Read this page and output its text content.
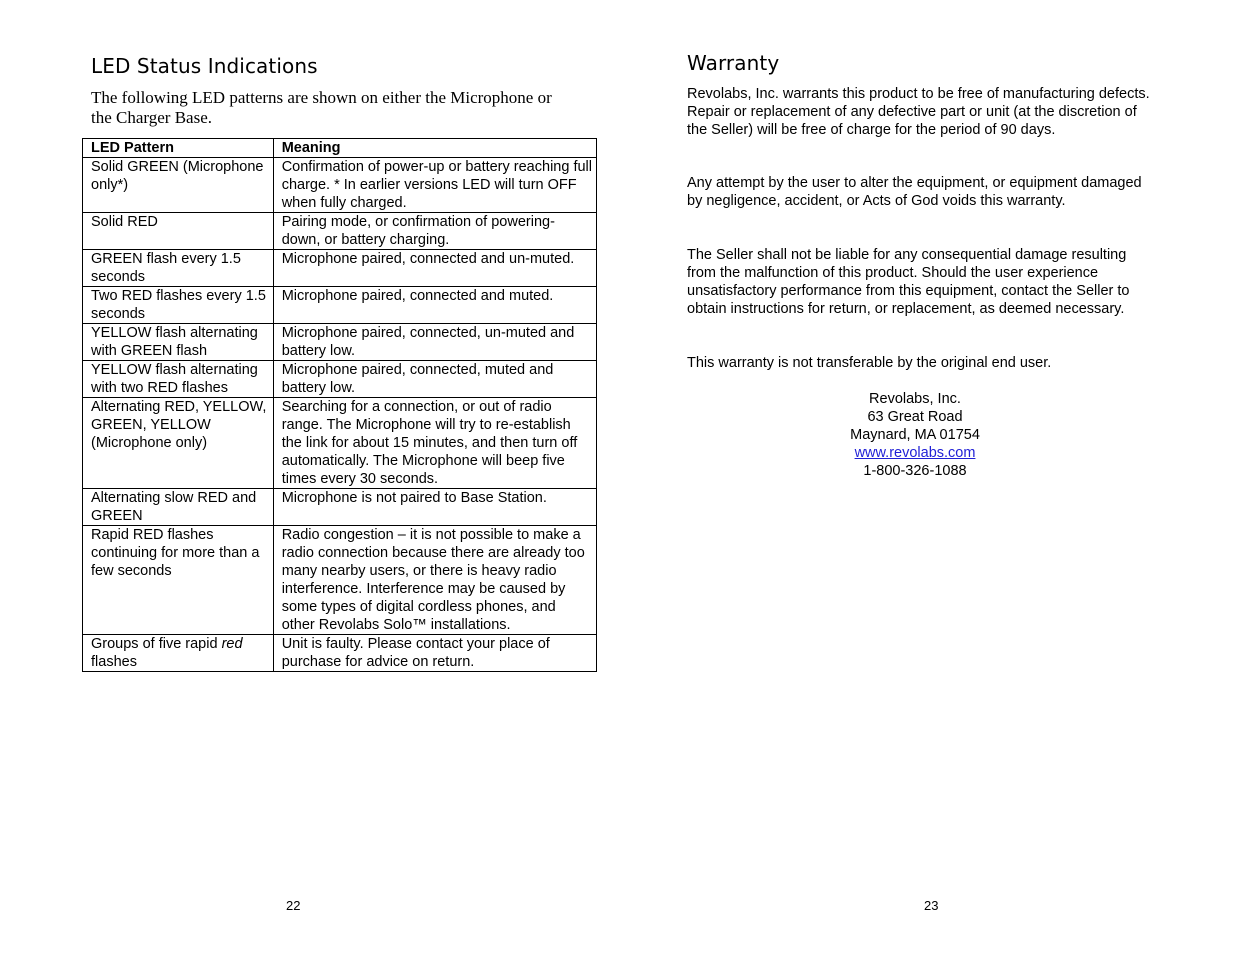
LED Status Indications

The following LED patterns are shown on either the Microphone or the Charger Base.

LED Pattern	Meaning
Solid GREEN (Microphone only*)	Confirmation of power-up or battery reaching full charge. * In earlier versions LED will turn OFF when fully charged.
Solid RED	Pairing mode, or confirmation of powering-down, or battery charging.
GREEN flash every 1.5 seconds	Microphone paired, connected and un-muted.
Two RED flashes every 1.5 seconds	Microphone paired, connected and muted.
YELLOW flash alternating with GREEN flash	Microphone paired, connected, un-muted and battery low.
YELLOW flash alternating with two RED flashes	Microphone paired, connected, muted and battery low.
Alternating RED, YELLOW, GREEN, YELLOW (Microphone only)	Searching for a connection, or out of radio range. The Microphone will try to re-establish the link for about 15 minutes, and then turn off automatically. The Microphone will beep five times every 30 seconds.
Alternating slow RED and GREEN	Microphone is not paired to Base Station.
Rapid RED flashes continuing for more than a few seconds	Radio congestion – it is not possible to make a radio connection because there are already too many nearby users, or there is heavy radio interference. Interference may be caused by some types of digital cordless phones, and other Revolabs Solo™ installations.
Groups of five rapid red flashes	Unit is faulty. Please contact your place of purchase for advice on return.
22
Warranty

Revolabs, Inc. warrants this product to be free of manufacturing defects. Repair or replacement of any defective part or unit (at the discretion of the Seller) will be free of charge for the period of 90 days.

Any attempt by the user to alter the equipment, or equipment damaged by negligence, accident, or Acts of God voids this warranty.

The Seller shall not be liable for any consequential damage resulting from the malfunction of this product. Should the user experience unsatisfactory performance from this equipment, contact the Seller to obtain instructions for return, or replacement, as deemed necessary.

This warranty is not transferable by the original end user.

Revolabs, Inc.
63 Great Road
Maynard, MA 01754
www.revolabs.com
1-800-326-1088
23
